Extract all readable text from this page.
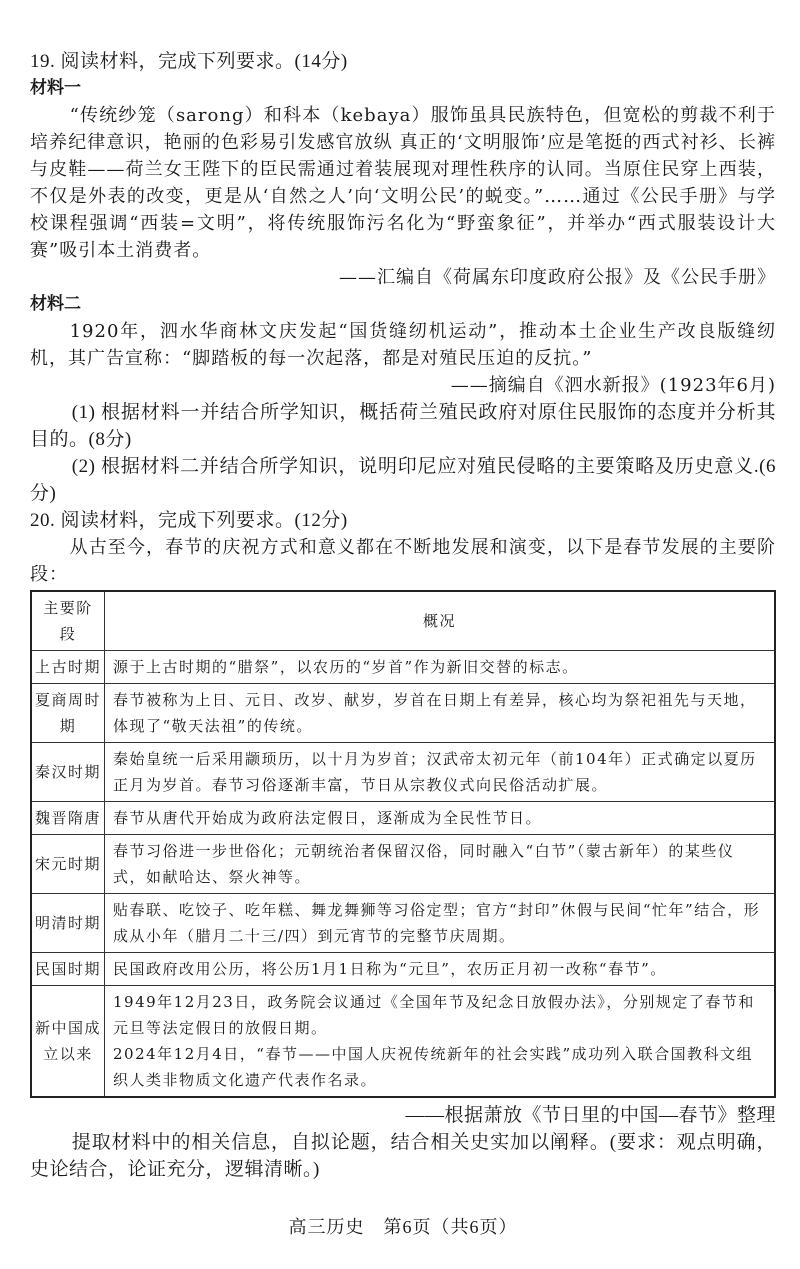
19. 阅读材料，完成下列要求。(14分)
材料一
“传统纱笼（sarong）和科本（kebaya）服饰虽具民族特色，但宽松的剪裁不利于培养纪律意识，艳丽的色彩易引发感官放纵 真正的‘文明服饰’应是笔挺的西式衬衫、长裤与皮鞋——荷兰女王陛下的臣民需通过着装展现对理性秩序的认同。当原住民穿上西装，不仅是外表的改变，更是从‘自然之人’向‘文明公民’的蜕变。”……通过《公民手册》与学校课程强调“西装=文明”，将传统服饰污名化为“野蛮象征”，并举办“西式服装设计大赛”吸引本土消费者。
——汇编自《荷属东印度政府公报》及《公民手册》
材料二
1920年，泗水华商林文庆发起“国货缝纫机运动”，推动本土企业生产改良版缝纫机，其广告宣称：“脚踏板的每一次起落，都是对殖民压迫的反抗。”
——摘编自《泗水新报》(1923年6月)
(1) 根据材料一并结合所学知识，概括荷兰殖民政府对原住民服饰的态度并分析其目的。(8分)
(2) 根据材料二并结合所学知识，说明印尼应对殖民侵略的主要策略及历史意义.(6分)
20. 阅读材料，完成下列要求。(12分)
从古至今，春节的庆祝方式和意义都在不断地发展和演变，以下是春节发展的主要阶段：
主要阶段	概况
上古时期	源于上古时期的“腊祭”，以农历的“岁首”作为新旧交替的标志。
夏商周时期	春节被称为上日、元日、改岁、献岁，岁首在日期上有差异，核心均为祭祀祖先与天地，体现了“敬天法祖”的传统。
秦汉时期	秦始皇统一后采用颛顼历，以十月为岁首；汉武帝太初元年（前104年）正式确定以夏历正月为岁首。春节习俗逐渐丰富，节日从宗教仪式向民俗活动扩展。
魏晋隋唐	春节从唐代开始成为政府法定假日，逐渐成为全民性节日。
宋元时期	春节习俗进一步世俗化；元朝统治者保留汉俗，同时融入“白节”（蒙古新年）的某些仪式，如献哈达、祭火神等。
明清时期	贴春联、吃饺子、吃年糕、舞龙舞狮等习俗定型；官方“封印”休假与民间“忙年”结合，形成从小年（腊月二十三/四）到元宵节的完整节庆周期。
民国时期	民国政府改用公历，将公历1月1日称为“元旦”，农历正月初一改称“春节”。
新中国成立以来	1949年12月23日，政务院会议通过《全国年节及纪念日放假办法》，分别规定了春节和元旦等法定假日的放假日期。
2024年12月4日，“春节——中国人庆祝传统新年的社会实践”成功列入联合国教科文组织人类非物质文化遗产代表作名录。
——根据萧放《节日里的中国—春节》整理
提取材料中的相关信息，自拟论题，结合相关史实加以阐释。(要求：观点明确，史论结合，论证充分，逻辑清晰。)
高三历史　第6页（共6页）
